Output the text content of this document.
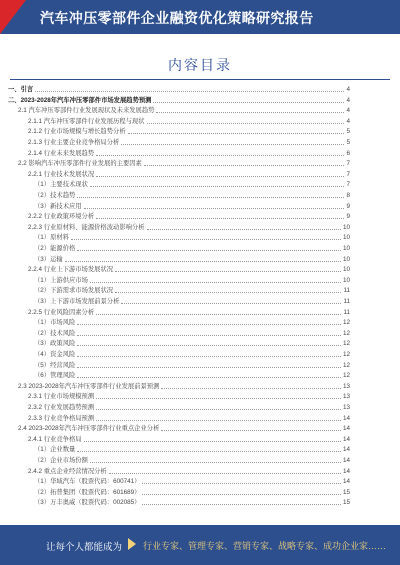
汽车冲压零部件企业融资优化策略研究报告
内容目录
一、引言	4
二、2023-2028年汽车冲压零部件市场发展趋势预测	4
2.1 汽车冲压零部件行业发展现状及未来发展趋势	4
2.1.1 汽车冲压零部件行业发展历程与现状	4
2.1.2 行业市场规模与增长趋势分析	5
2.1.3 行业主要企业竞争格局分析	5
2.1.4 行业未来发展趋势	6
2.2 影响汽车冲压零部件行业发展的主要因素	7
2.2.1 行业技术发展状况	7
（1）主要技术现状	7
（2）技术趋势	8
（3）新技术应用	9
2.2.2 行业政策环境分析	9
2.2.3 行业原材料、能源价格波动影响分析	10
（1）原材料	10
（2）能源价格	10
（3）运输	10
2.2.4 行业上下游市场发展状况	10
（1）上游供应市场	10
（2）下游需求市场发展状况	11
（3）上下游市场发展前景分析	11
2.2.5 行业风险因素分析	11
（1）市场风险	12
（2）技术风险	12
（3）政策风险	12
（4）资金风险	12
（5）经营风险	12
（6）管理风险	12
2.3 2023-2028年汽车冲压零部件行业发展前景预测	13
2.3.1 行业市场规模预测	13
2.3.2 行业发展趋势预测	13
2.3.3 行业竞争格局预测	14
2.4 2023-2028年汽车冲压零部件行业重点企业分析	14
2.4.1 行业竞争格局	14
（1）企业数量	14
（2）企业市场份额	14
2.4.2 重点企业经营情况分析	14
（1）华域汽车（股票代码：600741）	14
（2）拓普集团（股票代码：601689）	15
（3）万丰奥威（股票代码：002085）	15
让每个人都能成为 行业专家、管理专家、营销专家、战略专家、成功企业家……
